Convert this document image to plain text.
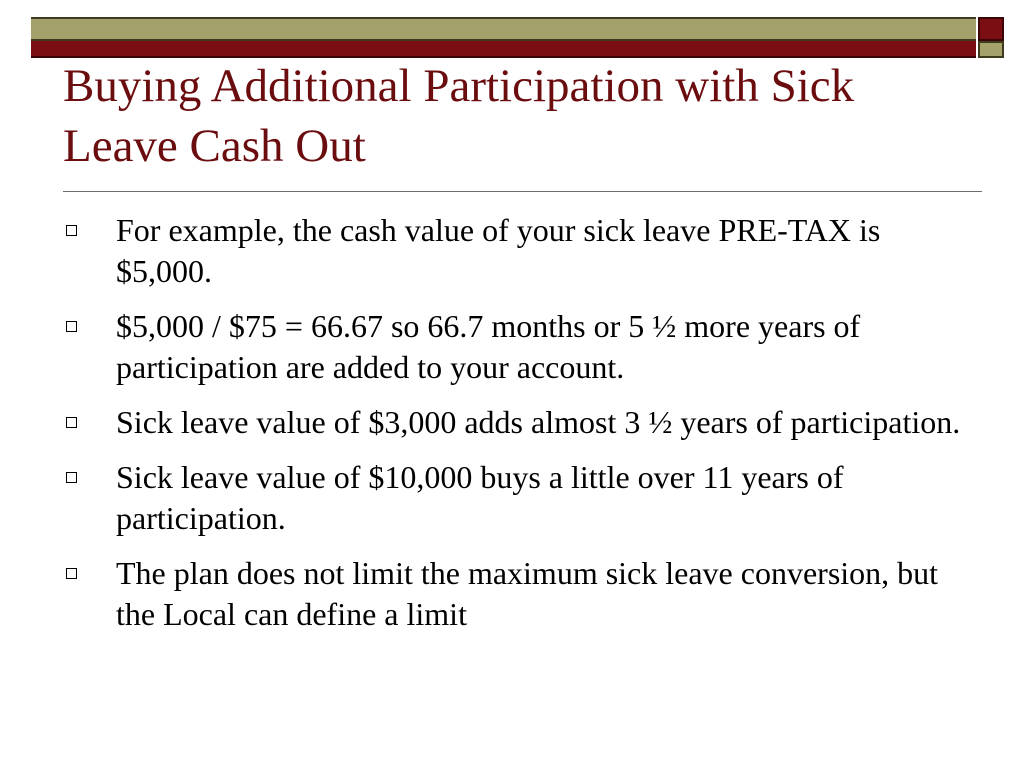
Buying Additional Participation with Sick Leave Cash Out
For example, the cash value of your sick leave PRE-TAX is $5,000.
$5,000 / $75 = 66.67 so 66.7 months or 5 ½ more years of participation are added to your account.
Sick leave value of $3,000 adds almost 3 ½ years of participation.
Sick leave value of $10,000 buys a little over 11 years of participation.
The plan does not limit the maximum sick leave conversion, but the Local can define a limit
